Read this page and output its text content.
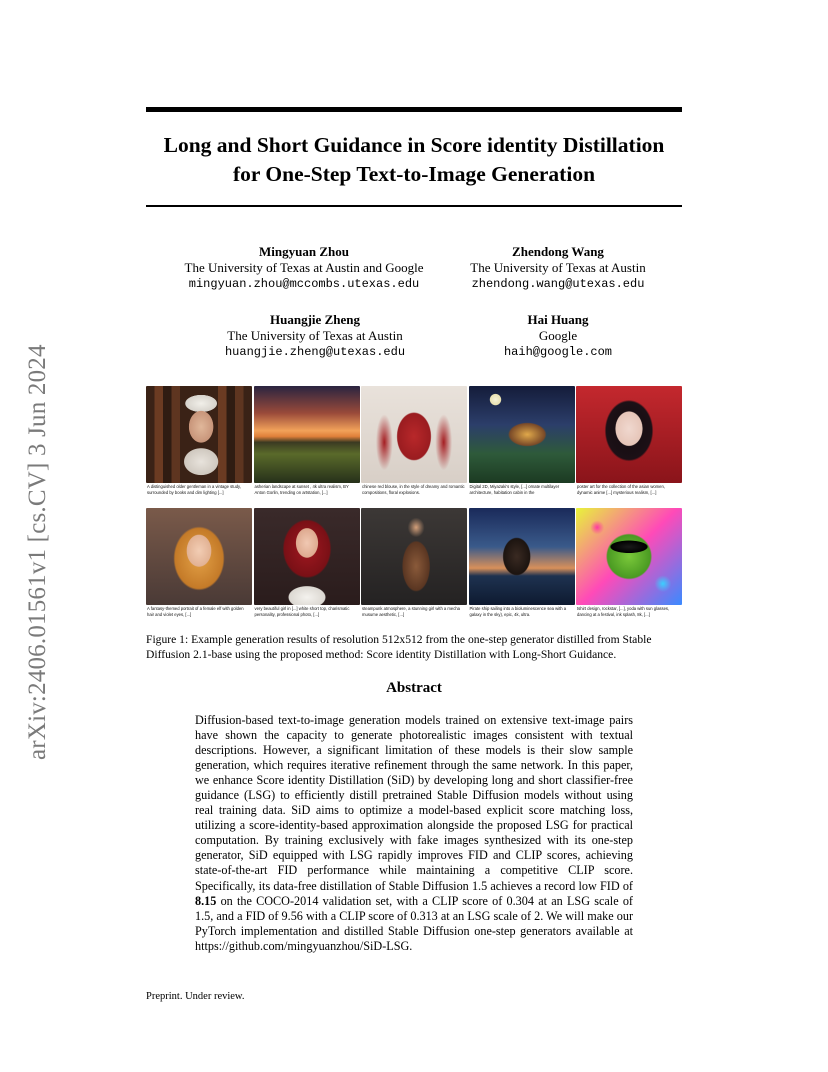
Long and Short Guidance in Score identity Distillation
for One-Step Text-to-Image Generation
arXiv:2406.01561v1 [cs.CV] 3 Jun 2024
Mingyuan Zhou
The University of Texas at Austin and Google
mingyuan.zhou@mccombs.utexas.edu
Zhendong Wang
The University of Texas at Austin
zhendong.wang@utexas.edu
Huangjie Zheng
The University of Texas at Austin
huangjie.zheng@utexas.edu
Hai Huang
Google
haih@google.com
A distinguished older gentleman in a vintage study, surrounded by books and dim lighting [...]
asherian landscape at sunset , 4k ultra realism, BY Anton Gorlin, trending on artstation, [...]
chinese red blouse, in the style of dreamy and romantic compositions, floral explosions.
Digital 2D, Miyazaki's style, [...] ornate multilayer architecture, habitation cabin in the
poster art for the collection of the asian women, dynamic anime [...] mysterious realism, [...]
A fantasy-themed portrait of a female elf with golden hair and violet eyes, [...]
very beautiful girl in [...] white short top, charismatic personality, professional photo, [...]
steampunk atmosphere, a stunning girl with a mecha musume aesthetic, [...]
Pirate ship sailing into a bioluminescence sea with a galaxy in the sky), epic, 4k, ultra.
tshirt design, rockstar, [...], yoda with sun glasses, dancing at a festival, ink splash, 8k, [...]
Figure 1: Example generation results of resolution 512x512 from the one-step generator distilled from Stable Diffusion 2.1-base using the proposed method: Score identity Distillation with Long-Short Guidance.
Abstract
Diffusion-based text-to-image generation models trained on extensive text-image pairs have shown the capacity to generate photorealistic images consistent with textual descriptions. However, a significant limitation of these models is their slow sample generation, which requires iterative refinement through the same network. In this paper, we enhance Score identity Distillation (SiD) by developing long and short classifier-free guidance (LSG) to efficiently distill pretrained Stable Diffusion models without using real training data. SiD aims to optimize a model-based explicit score matching loss, utilizing a score-identity-based approximation alongside the proposed LSG for practical computation. By training exclusively with fake images synthesized with its one-step generator, SiD equipped with LSG rapidly improves FID and CLIP scores, achieving state-of-the-art FID performance while maintaining a competitive CLIP score. Specifically, its data-free distillation of Stable Diffusion 1.5 achieves a record low FID of 8.15 on the COCO-2014 validation set, with a CLIP score of 0.304 at an LSG scale of 1.5, and a FID of 9.56 with a CLIP score of 0.313 at an LSG scale of 2. We will make our PyTorch implementation and distilled Stable Diffusion one-step generators available at https://github.com/mingyuanzhou/SiD-LSG.
Preprint. Under review.
